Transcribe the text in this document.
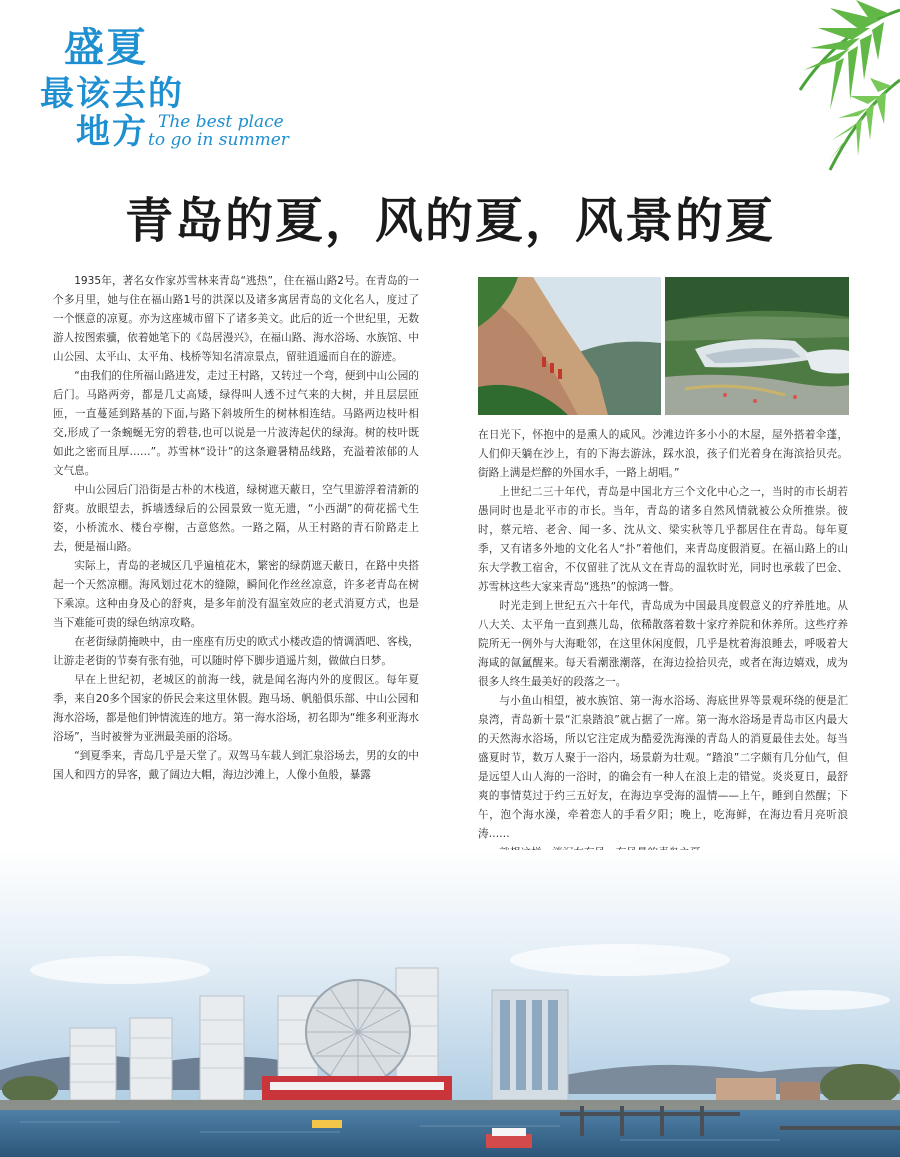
盛夏
最该去的
地方 The best place
to go in summer
青岛的夏，风的夏，风景的夏

1935年，著名女作家苏雪林来青岛“逃热”，住在福山路2号。在青岛的一个多月里，她与住在福山路1号的洪深以及诸多寓居青岛的文化名人，度过了一个惬意的凉夏。亦为这座城市留下了诸多美文。此后的近一个世纪里，无数游人按图索骥，依着她笔下的《岛居漫兴》，在福山路、海水浴场、水族馆、中山公园、太平山、太平角、栈桥等知名清凉景点，留驻逍遥而自在的游迹。

“由我们的住所福山路进发，走过王村路，又转过一个弯，便到中山公园的后门。马路两旁，都是几丈高矮，绿得叫人透不过气来的大树，并且层层匝匝，一直蔓延到路基的下面,与路下斜坡所生的树林相连结。马路两边枝叶相交,形成了一条蜿蜒无穷的碧巷,也可以说是一片波涛起伏的绿海。树的枝叶既如此之密而且厚……”。苏雪林“设计”的这条避暑精品线路，充溢着浓郁的人文气息。

中山公园后门沿街是古朴的木栈道，绿树遮天蔽日，空气里游浮着清新的舒爽。放眼望去，拆墙透绿后的公园景致一览无遗，“小西湖”的荷花摇弋生姿，小桥流水、楼台亭榭，古意悠然。一路之隔，从王村路的青石阶路走上去，便是福山路。

实际上，青岛的老城区几乎遍植花木，繁密的绿荫遮天蔽日，在路中央搭起一个天然凉棚。海风划过花木的缝隙，瞬间化作丝丝凉意，许多老青岛在树下乘凉。这种由身及心的舒爽，是多年前没有温室效应的老式消夏方式，也是当下难能可贵的绿色纳凉攻略。

在老街绿荫掩映中，由一座座有历史的欧式小楼改造的情调酒吧、客栈，让游走老街的节奏有张有弛，可以随时停下脚步逍遥片刻，做做白日梦。

早在上世纪初，老城区的前海一线，就是闻名海内外的度假区。每年夏季，来自20多个国家的侨民会来这里休假。跑马场、帆船俱乐部、中山公园和海水浴场，都是他们钟情流连的地方。第一海水浴场，初名即为“维多利亚海水浴场”，当时被誉为亚洲最美丽的浴场。

“到夏季来，青岛几乎是天堂了。双驾马车载人到汇泉浴场去，男的女的中国人和四方的异客，戴了阔边大帽，海边沙滩上，人像小鱼般，暴露

在日光下，怀抱中的是熏人的咸风。沙滩边许多小小的木屋，屋外搭着伞蓬，人们仰天躺在沙上，有的下海去游泳，踩水浪，孩子们光着身在海滨拾贝壳。街路上满是烂醉的外国水手，一路上胡唱。”

上世纪二三十年代，青岛是中国北方三个文化中心之一，当时的市长胡若愚同时也是北平市的市长。当年，青岛的诸多自然风情就被公众所推崇。彼时，蔡元培、老舍、闻一多、沈从文、梁实秋等几乎都居住在青岛。每年夏季，又有诸多外地的文化名人“扑”着他们，来青岛度假消夏。在福山路上的山东大学教工宿舍，不仅留驻了沈从文在青岛的温软时光，同时也承载了巴金、苏雪林这些大家来青岛“逃热”的惊鸿一瞥。

时光走到上世纪五六十年代，青岛成为中国最具度假意义的疗养胜地。从八大关、太平角一直到燕儿岛，依稀散落着数十家疗养院和休养所。这些疗养院所无一例外与大海毗邻，在这里休闲度假，几乎是枕着海浪睡去，呼吸着大海咸的氤氲醒来。每天看潮涨潮落，在海边捡拾贝壳，或者在海边嬉戏，成为很多人终生最美好的段落之一。

与小鱼山相望，被水族馆、第一海水浴场、海底世界等景观环绕的便是汇泉湾，青岛新十景“汇泉踏浪”就占据了一席。第一海水浴场是青岛市区内最大的天然海水浴场，所以它注定成为酷爱洗海澡的青岛人的消夏最佳去处。每当盛夏时节，数万人聚于一浴内，场景蔚为壮观。“踏浪”二字颇有几分仙气，但是远望人山人海的一浴时，的确会有一种人在浪上走的错觉。炎炎夏日，最舒爽的事情莫过于约三五好友，在海边享受海的温情——上午，睡到自然醒；下午，泡个海水澡，牵着恋人的手看夕阳；晚上，吃海鲜，在海边看月亮听浪涛……
